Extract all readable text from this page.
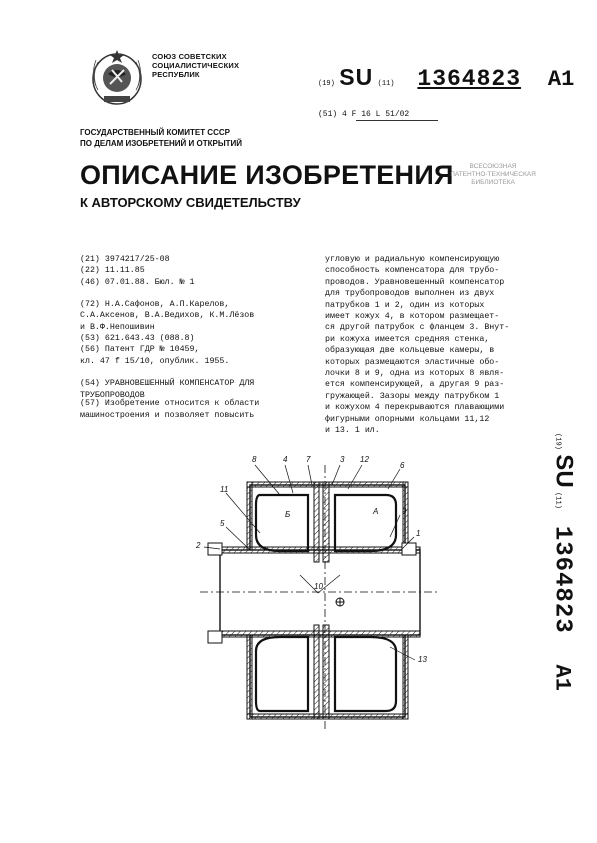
СОЮЗ СОВЕТСКИХ
СОЦИАЛИСТИЧЕСКИХ
РЕСПУБЛИК
(19) SU (11) 1364823 A1
(51) 4 F 16 L 51/02
ГОСУДАРСТВЕННЫЙ КОМИТЕТ СССР
ПО ДЕЛАМ ИЗОБРЕТЕНИЙ И ОТКРЫТИЙ
ОПИСАНИЕ ИЗОБРЕТЕНИЯ
К АВТОРСКОМУ СВИДЕТЕЛЬСТВУ
ВСЕСОЮЗНАЯ
ПАТЕНТНО-ТЕХНИЧЕСКАЯ
БИБЛИОТЕКА
(21) 3974217/25-08
(22) 11.11.85
(46) 07.01.88. Бюл. № 1

(72) Н.А.Сафонов, А.П.Карелов,
С.А.Аксенов, В.А.Ведихов, К.М.Лёзов
и В.Ф.Непошивин
(53) 621.643.43 (088.8)
(56) Патент ГДР № 10459,
кл. 47 f 15/10, опублик. 1955.

(54) УРАВНОВЕШЕННЫЙ КОМПЕНСАТОР ДЛЯ
ТРУБОПРОВОДОВ
(57) Изобретение относится к области
машиностроения и позволяет повысить
угловую и радиальную компенсирующую
способность компенсатора для трубо-
проводов. Уравновешенный компенсатор
для трубопроводов выполнен из двух
патрубков 1 и 2, один из которых
имеет кожух 4, в котором размещает-
ся другой патрубок с фланцем 3. Внут-
ри кожуха имеется средняя стенка,
образующая две кольцевые камеры, в
которых размещаются эластичные обо-
лочки 8 и 9, одна из которых 8 явля-
ется компенсирующей, а другая 9 раз-
гружающей. Зазоры между патрубком 1
и кожухом 4 перекрываются плавающими
фигурными опорными кольцами 11,12
и 13. 1 ил.
(19) SU (11)  1364823  A1
8	4 7	3 12
6
Б	А
11
9
5
2
1
10
13
